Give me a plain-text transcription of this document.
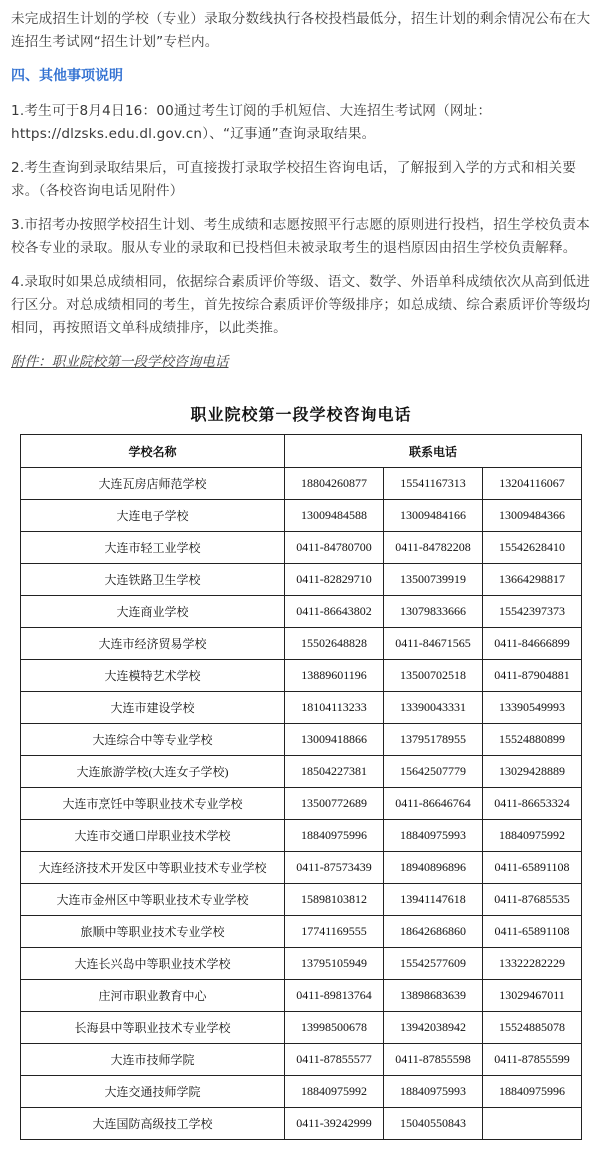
未完成招生计划的学校（专业）录取分数线执行各校投档最低分，招生计划的剩余情况公布在大连招生考试网“招生计划”专栏内。

四、其他事项说明

1.考生可于8月4日16：00通过考生订阅的手机短信、大连招生考试网（网址：https://dlzsks.edu.dl.gov.cn）、“辽事通”查询录取结果。

2.考生查询到录取结果后，可直接拨打录取学校招生咨询电话，了解报到入学的方式和相关要求。（各校咨询电话见附件）

3.市招考办按照学校招生计划、考生成绩和志愿按照平行志愿的原则进行投档，招生学校负责本校各专业的录取。服从专业的录取和已投档但未被录取考生的退档原因由招生学校负责解释。

4.录取时如果总成绩相同，依据综合素质评价等级、语文、数学、外语单科成绩依次从高到低进行区分。对总成绩相同的考生，首先按综合素质评价等级排序；如总成绩、综合素质评价等级均相同，再按照语文单科成绩排序，以此类推。

附件：职业院校第一段学校咨询电话

职业院校第一段学校咨询电话
学校名称	联系电话		
大连瓦房店师范学校	18804260877	15541167313	13204116067
大连电子学校	13009484588	13009484166	13009484366
大连市轻工业学校	0411-84780700	0411-84782208	15542628410
大连铁路卫生学校	0411-82829710	13500739919	13664298817
大连商业学校	0411-86643802	13079833666	15542397373
大连市经济贸易学校	15502648828	0411-84671565	0411-84666899
大连模特艺术学校	13889601196	13500702518	0411-87904881
大连市建设学校	18104113233	13390043331	13390549993
大连综合中等专业学校	13009418866	13795178955	15524880899
大连旅游学校(大连女子学校)	18504227381	15642507779	13029428889
大连市烹饪中等职业技术专业学校	13500772689	0411-86646764	0411-86653324
大连市交通口岸职业技术学校	18840975996	18840975993	18840975992
大连经济技术开发区中等职业技术专业学校	0411-87573439	18940896896	0411-65891108
大连市金州区中等职业技术专业学校	15898103812	13941147618	0411-87685535
旅顺中等职业技术专业学校	17741169555	18642686860	0411-65891108
大连长兴岛中等职业技术学校	13795105949	15542577609	13322282229
庄河市职业教育中心	0411-89813764	13898683639	13029467011
长海县中等职业技术专业学校	13998500678	13942038942	15524885078
大连市技师学院	0411-87855577	0411-87855598	0411-87855599
大连交通技师学院	18840975992	18840975993	18840975996
大连国防高级技工学校	0411-39242999	15040550843	
